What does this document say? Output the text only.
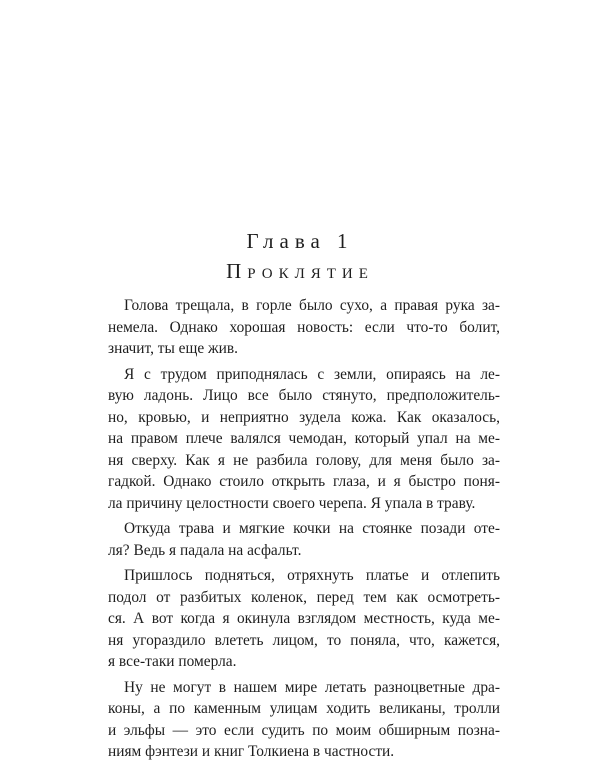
Глава 1
Проклятие
Голова трещала, в горле было сухо, а правая рука за-
немела. Однако хорошая новость: если что-то болит,
значит, ты еще жив.
Я с трудом приподнялась с земли, опираясь на ле-
вую ладонь. Лицо все было стянуто, предположитель-
но, кровью, и неприятно зудела кожа. Как оказалось,
на правом плече валялся чемодан, который упал на ме-
ня сверху. Как я не разбила голову, для меня было за-
гадкой. Однако стоило открыть глаза, и я быстро поня-
ла причину целостности своего черепа. Я упала в траву.
Откуда трава и мягкие кочки на стоянке позади оте-
ля? Ведь я падала на асфальт.
Пришлось подняться, отряхнуть платье и отлепить
подол от разбитых коленок, перед тем как осмотреть-
ся. А вот когда я окинула взглядом местность, куда ме-
ня угораздило влететь лицом, то поняла, что, кажется,
я все-таки померла.
Ну не могут в нашем мире летать разноцветные дра-
коны, а по каменным улицам ходить великаны, тролли
и эльфы — это если судить по моим обширным позна-
ниям фэнтези и книг Толкиена в частности.
